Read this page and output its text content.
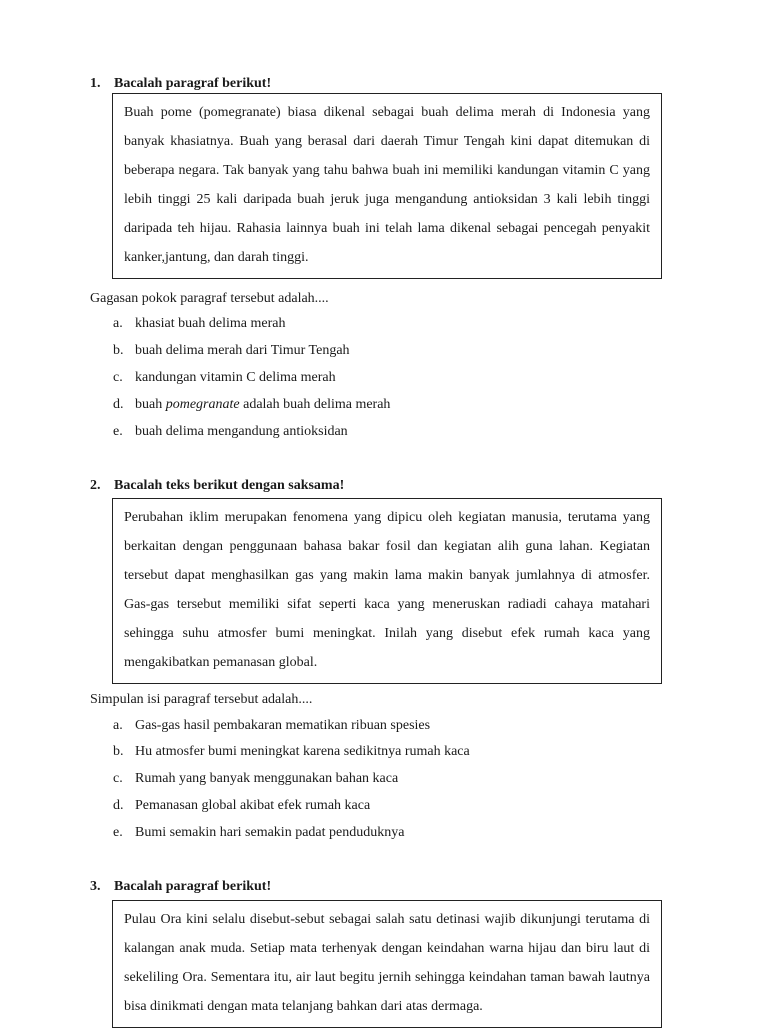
1. Bacalah paragraf berikut!
Buah pome (pomegranate) biasa dikenal sebagai buah delima merah di Indonesia yang banyak khasiatnya. Buah yang berasal dari daerah Timur Tengah kini dapat ditemukan di beberapa negara. Tak banyak yang tahu bahwa buah ini memiliki kandungan vitamin C yang lebih tinggi 25 kali daripada buah jeruk juga mengandung antioksidan 3 kali lebih tinggi daripada teh hijau. Rahasia lainnya buah ini telah lama dikenal sebagai pencegah penyakit kanker,jantung, dan darah tinggi.
Gagasan pokok paragraf tersebut adalah....
a. khasiat buah delima merah
b. buah delima merah dari Timur Tengah
c. kandungan vitamin C delima merah
d. buah pomegranate adalah buah delima merah
e. buah delima mengandung antioksidan
2. Bacalah teks berikut dengan saksama!
Perubahan iklim merupakan fenomena yang dipicu oleh kegiatan manusia, terutama yang berkaitan dengan penggunaan bahasa bakar fosil dan kegiatan alih guna lahan. Kegiatan tersebut dapat menghasilkan gas yang makin lama makin banyak jumlahnya di atmosfer. Gas-gas tersebut memiliki sifat seperti kaca yang meneruskan radiadi cahaya matahari sehingga suhu atmosfer bumi meningkat. Inilah yang disebut efek rumah kaca yang mengakibatkan pemanasan global.
Simpulan isi paragraf tersebut adalah....
a. Gas-gas hasil pembakaran mematikan ribuan spesies
b. Hu atmosfer bumi meningkat karena sedikitnya rumah kaca
c. Rumah yang banyak menggunakan bahan kaca
d. Pemanasan global akibat efek rumah kaca
e. Bumi semakin hari semakin padat penduduknya
3. Bacalah paragraf berikut!
Pulau Ora kini selalu disebut-sebut sebagai salah satu detinasi wajib dikunjungi terutama di kalangan anak muda. Setiap mata terhenyak dengan keindahan warna hijau dan biru laut di sekeliling Ora. Sementara itu, air laut begitu jernih sehingga keindahan taman bawah lautnya bisa dinikmati dengan mata telanjang bahkan dari atas dermaga.
